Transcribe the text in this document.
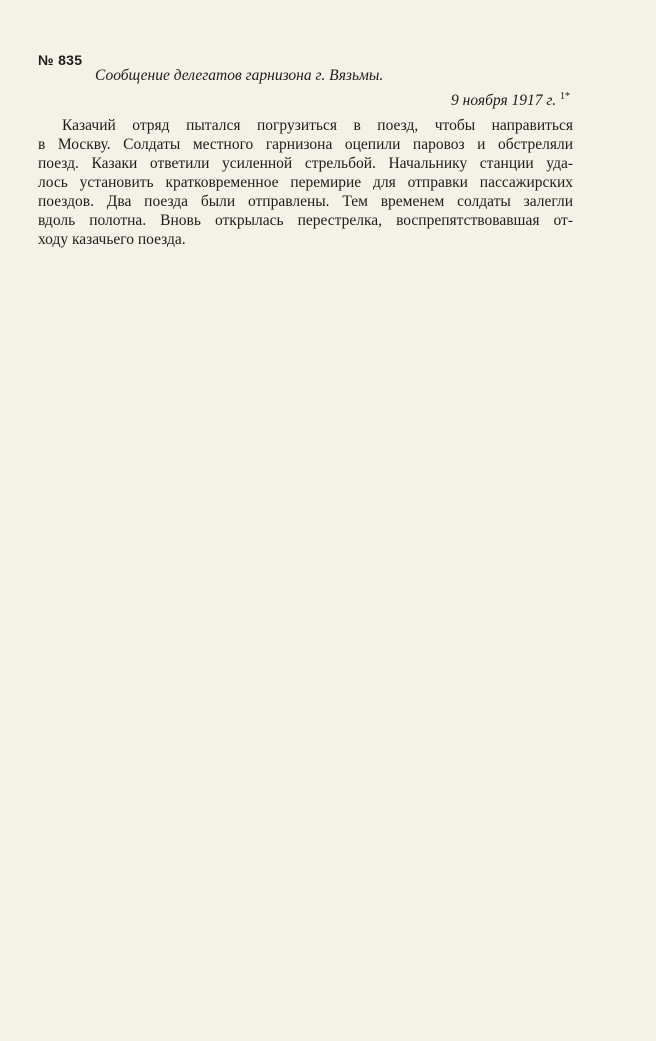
№ 835
Сообщение делегатов гарнизона г. Вязьмы.
9 ноября 1917 г. $^{1*}$
Казачий отряд пытался погрузиться в поезд, чтобы направиться
в Москву. Солдаты местного гарнизона оцепили паровоз и обстреляли
поезд. Казаки ответили усиленной стрельбой. Начальнику станции уда-
лось установить кратковременное перемирие для отправки пассажирских
поездов. Два поезда были отправлены. Тем временем солдаты залегли
вдоль полотна. Вновь открылась перестрелка, воспрепятствовавшая от-
ходу казачьего поезда.
